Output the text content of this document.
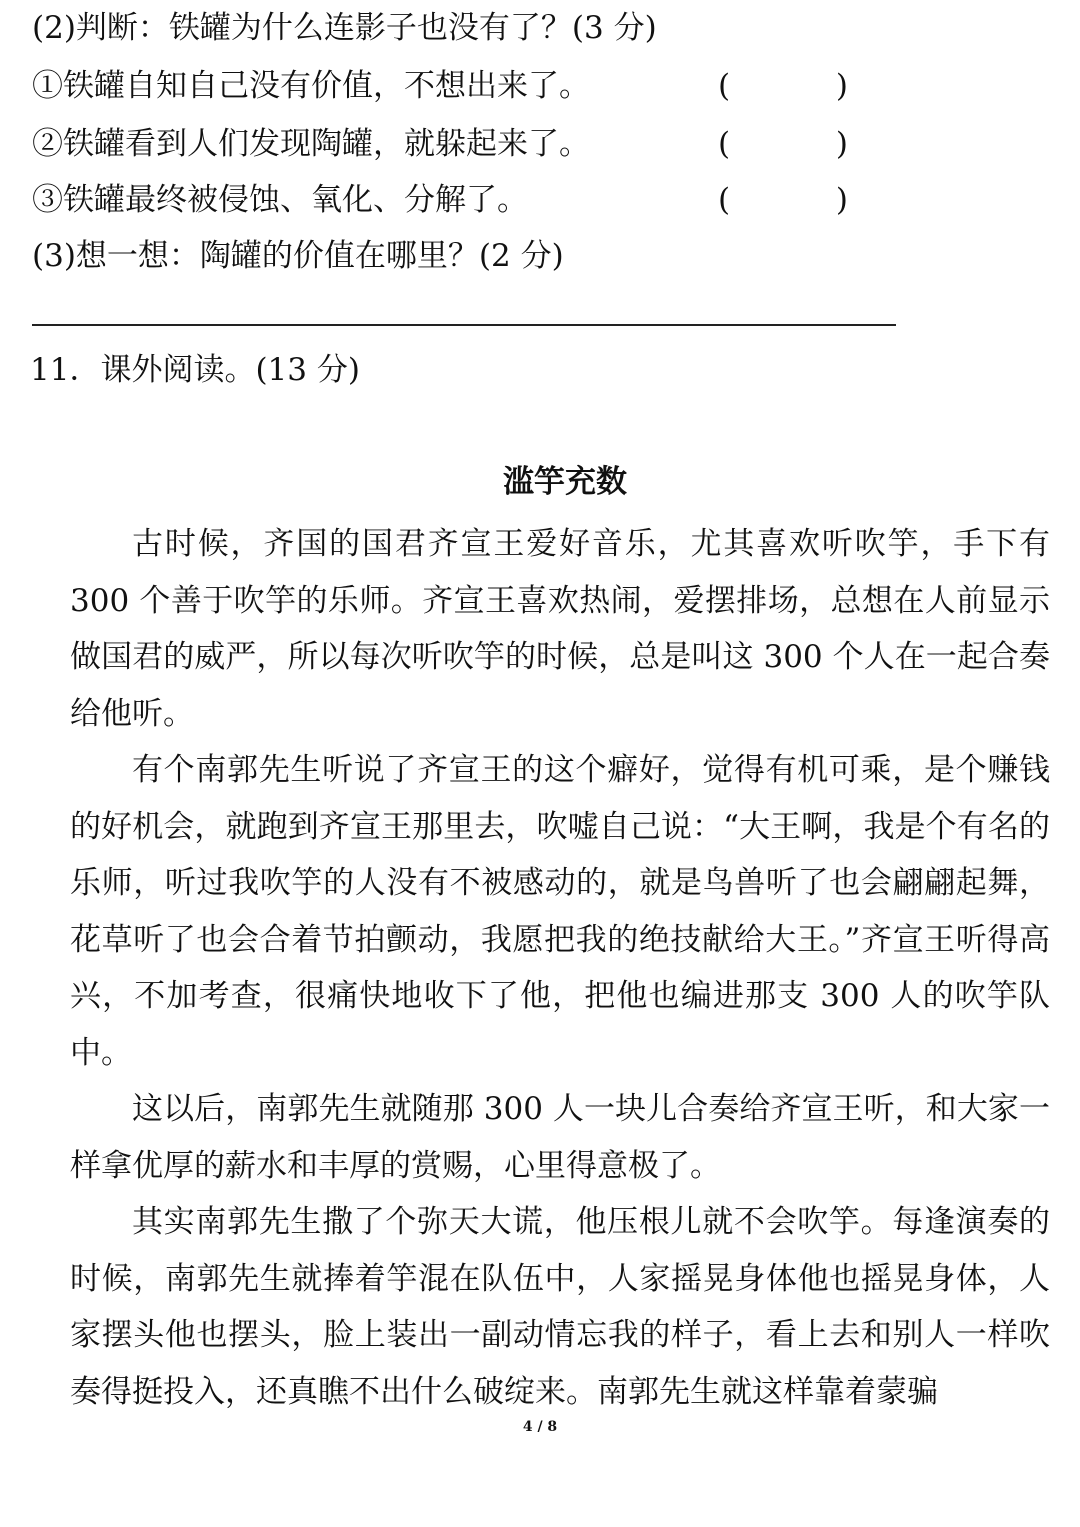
(2)判断：铁罐为什么连影子也没有了？(3 分)
①铁罐自知自己没有价值，不想出来了。	(	)
②铁罐看到人们发现陶罐，就躲起来了。	(	)
③铁罐最终被侵蚀、氧化、分解了。	(	)
(3)想一想：陶罐的价值在哪里？(2 分)
11．课外阅读。(13 分)
滥竽充数

古时候，齐国的国君齐宣王爱好音乐，尤其喜欢听吹竽，手下有 300 个善于吹竽的乐师。齐宣王喜欢热闹，爱摆排场，总想在人前显示做国君的威严，所以每次听吹竽的时候，总是叫这 300 个人在一起合奏给他听。

有个南郭先生听说了齐宣王的这个癖好，觉得有机可乘，是个赚钱的好机会，就跑到齐宣王那里去，吹嘘自己说：“大王啊，我是个有名的乐师，听过我吹竽的人没有不被感动的，就是鸟兽听了也会翩翩起舞，花草听了也会合着节拍颤动，我愿把我的绝技献给大王。”齐宣王听得高兴，不加考查，很痛快地收下了他，把他也编进那支 300 人的吹竽队中。

这以后，南郭先生就随那 300 人一块儿合奏给齐宣王听，和大家一样拿优厚的薪水和丰厚的赏赐，心里得意极了。

其实南郭先生撒了个弥天大谎，他压根儿就不会吹竽。每逢演奏的时候，南郭先生就捧着竽混在队伍中，人家摇晃身体他也摇晃身体，人家摆头他也摆头，脸上装出一副动情忘我的样子，看上去和别人一样吹奏得挺投入，还真瞧不出什么破绽来。南郭先生就这样靠着蒙骗

4 / 8
